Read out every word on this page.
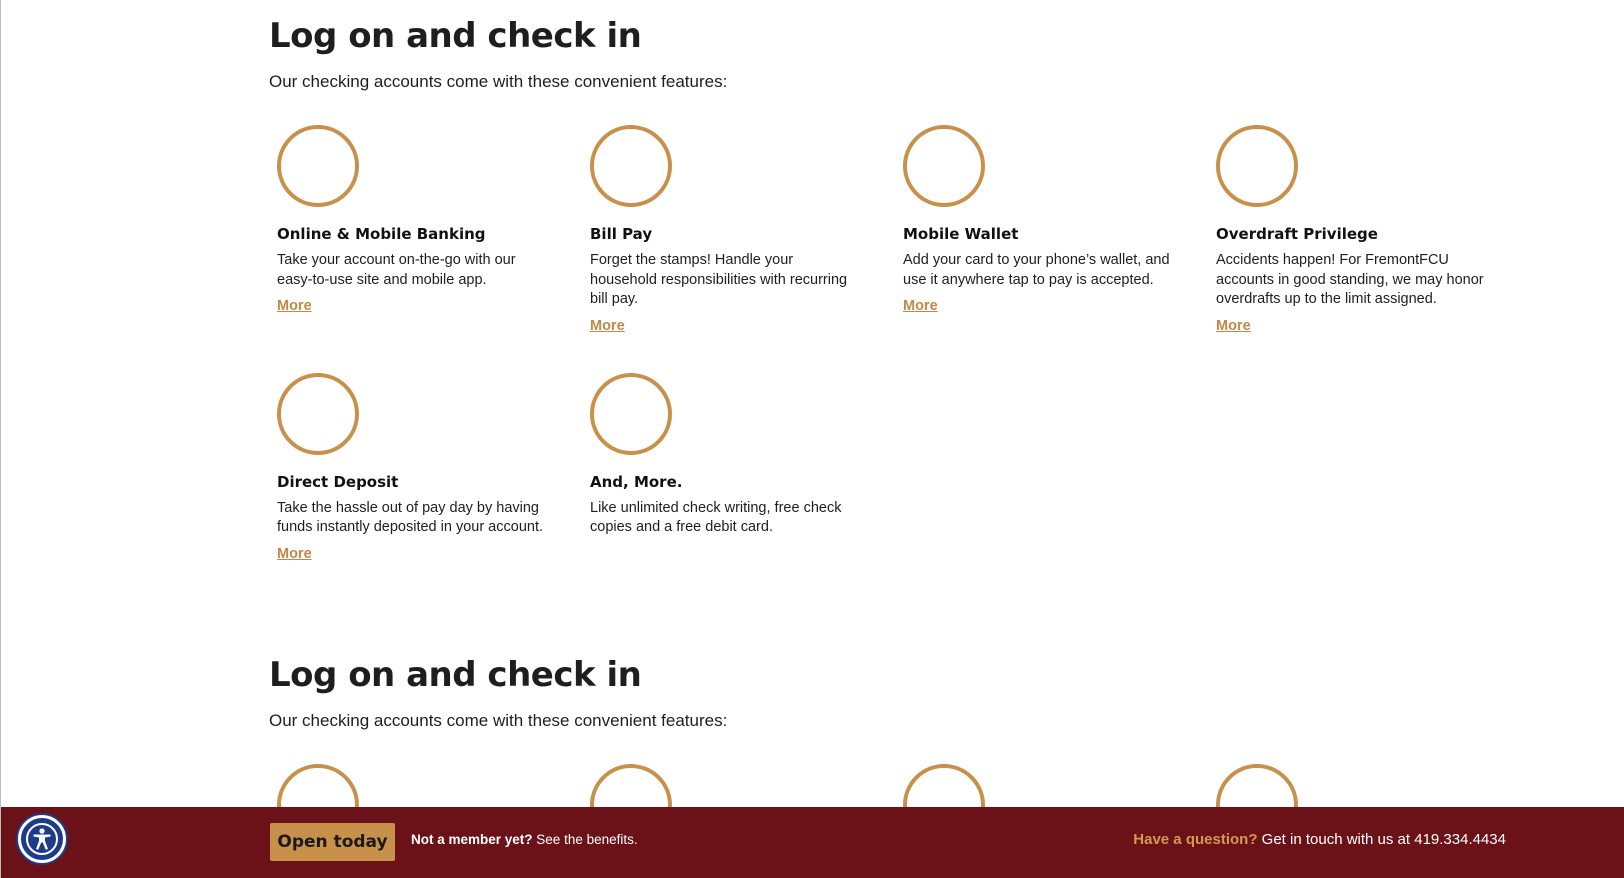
Log on and check in
Our checking accounts come with these convenient features:
Online & Mobile Banking
Take your account on-the-go with our easy-to-use site and mobile app.
More
Bill Pay
Forget the stamps! Handle your household responsibilities with recurring bill pay.
More
Mobile Wallet
Add your card to your phone’s wallet, and use it anywhere tap to pay is accepted.
More
Overdraft Privilege
Accidents happen! For FremontFCU accounts in good standing, we may honor overdrafts up to the limit assigned.
More
Direct Deposit
Take the hassle out of pay day by having funds instantly deposited in your account.
More
And, More.
Like unlimited check writing, free check copies and a free debit card.
Log on and check in
Our checking accounts come with these convenient features:
Open today	Not a member yet? See the benefits.	Have a question? Get in touch with us at 419.334.4434
